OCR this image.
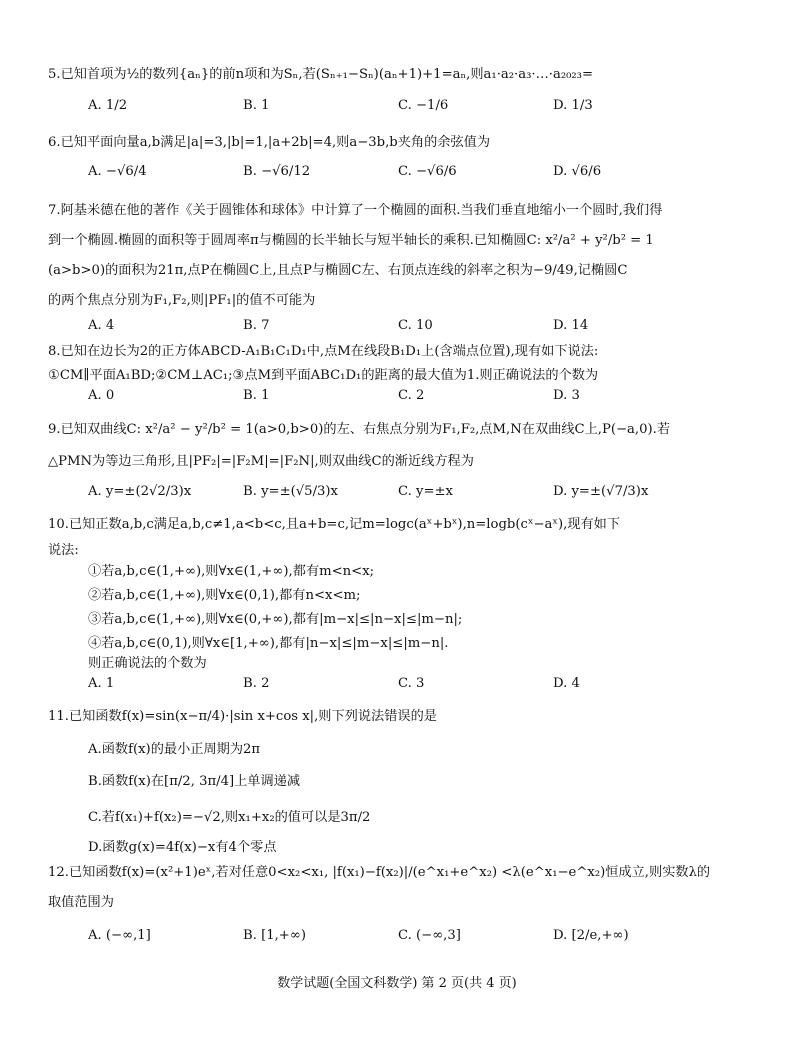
5.已知首项为½的数列{aₙ}的前n项和为Sₙ,若(Sₙ₊₁−Sₙ)(aₙ+1)+1=aₙ,则a₁·a₂·a₃·…·a₂₀₂₃=
A. 1/2	B. 1	C. −1/6	D. 1/3
6.已知平面向量a,b满足|a|=3,|b|=1,|a+2b|=4,则a−3b,b夹角的余弦值为
A. −√6/4	B. −√6/12	C. −√6/6	D. √6/6
7.阿基米德在他的著作《关于圆锥体和球体》中计算了一个椭圆的面积.当我们垂直地缩小一个圆时,我们得
到一个椭圆.椭圆的面积等于圆周率π与椭圆的长半轴长与短半轴长的乘积.已知椭圆C: x²/a² + y²/b² = 1
(a>b>0)的面积为21π,点P在椭圆C上,且点P与椭圆C左、右顶点连线的斜率之积为−9/49,记椭圆C
的两个焦点分别为F₁,F₂,则|PF₁|的值不可能为
A. 4	B. 7	C. 10	D. 14
8.已知在边长为2的正方体ABCD-A₁B₁C₁D₁中,点M在线段B₁D₁上(含端点位置),现有如下说法:
①CM∥平面A₁BD;②CM⊥AC₁;③点M到平面ABC₁D₁的距离的最大值为1.则正确说法的个数为
A. 0	B. 1	C. 2	D. 3
9.已知双曲线C: x²/a² − y²/b² = 1(a>0,b>0)的左、右焦点分别为F₁,F₂,点M,N在双曲线C上,P(−a,0).若
△PMN为等边三角形,且|PF₂|=|F₂M|=|F₂N|,则双曲线C的渐近线方程为
A. y=±(2√2/3)x	B. y=±(√5/3)x	C. y=±x	D. y=±(√7/3)x
10.已知正数a,b,c满足a,b,c≠1,a<b<c,且a+b=c,记m=logc(aˣ+bˣ),n=logb(cˣ−aˣ),现有如下
说法:
①若a,b,c∈(1,+∞),则∀x∈(1,+∞),都有m<n<x;
②若a,b,c∈(1,+∞),则∀x∈(0,1),都有n<x<m;
③若a,b,c∈(1,+∞),则∀x∈(0,+∞),都有|m−x|≤|n−x|≤|m−n|;
④若a,b,c∈(0,1),则∀x∈[1,+∞),都有|n−x|≤|m−x|≤|m−n|.
则正确说法的个数为
A. 1	B. 2	C. 3	D. 4
11.已知函数f(x)=sin(x−π/4)·|sin x+cos x|,则下列说法错误的是
A.函数f(x)的最小正周期为2π
B.函数f(x)在[π/2, 3π/4]上单调递减
C.若f(x₁)+f(x₂)=−√2,则x₁+x₂的值可以是3π/2
D.函数g(x)=4f(x)−x有4个零点
12.已知函数f(x)=(x²+1)eˣ,若对任意0<x₂<x₁, |f(x₁)−f(x₂)|/(e^x₁+e^x₂) <λ(e^x₁−e^x₂)恒成立,则实数λ的
取值范围为
A. (−∞,1]	B. [1,+∞)	C. (−∞,3]	D. [2/e,+∞)
数学试题(全国文科数学) 第 2 页(共 4 页)
